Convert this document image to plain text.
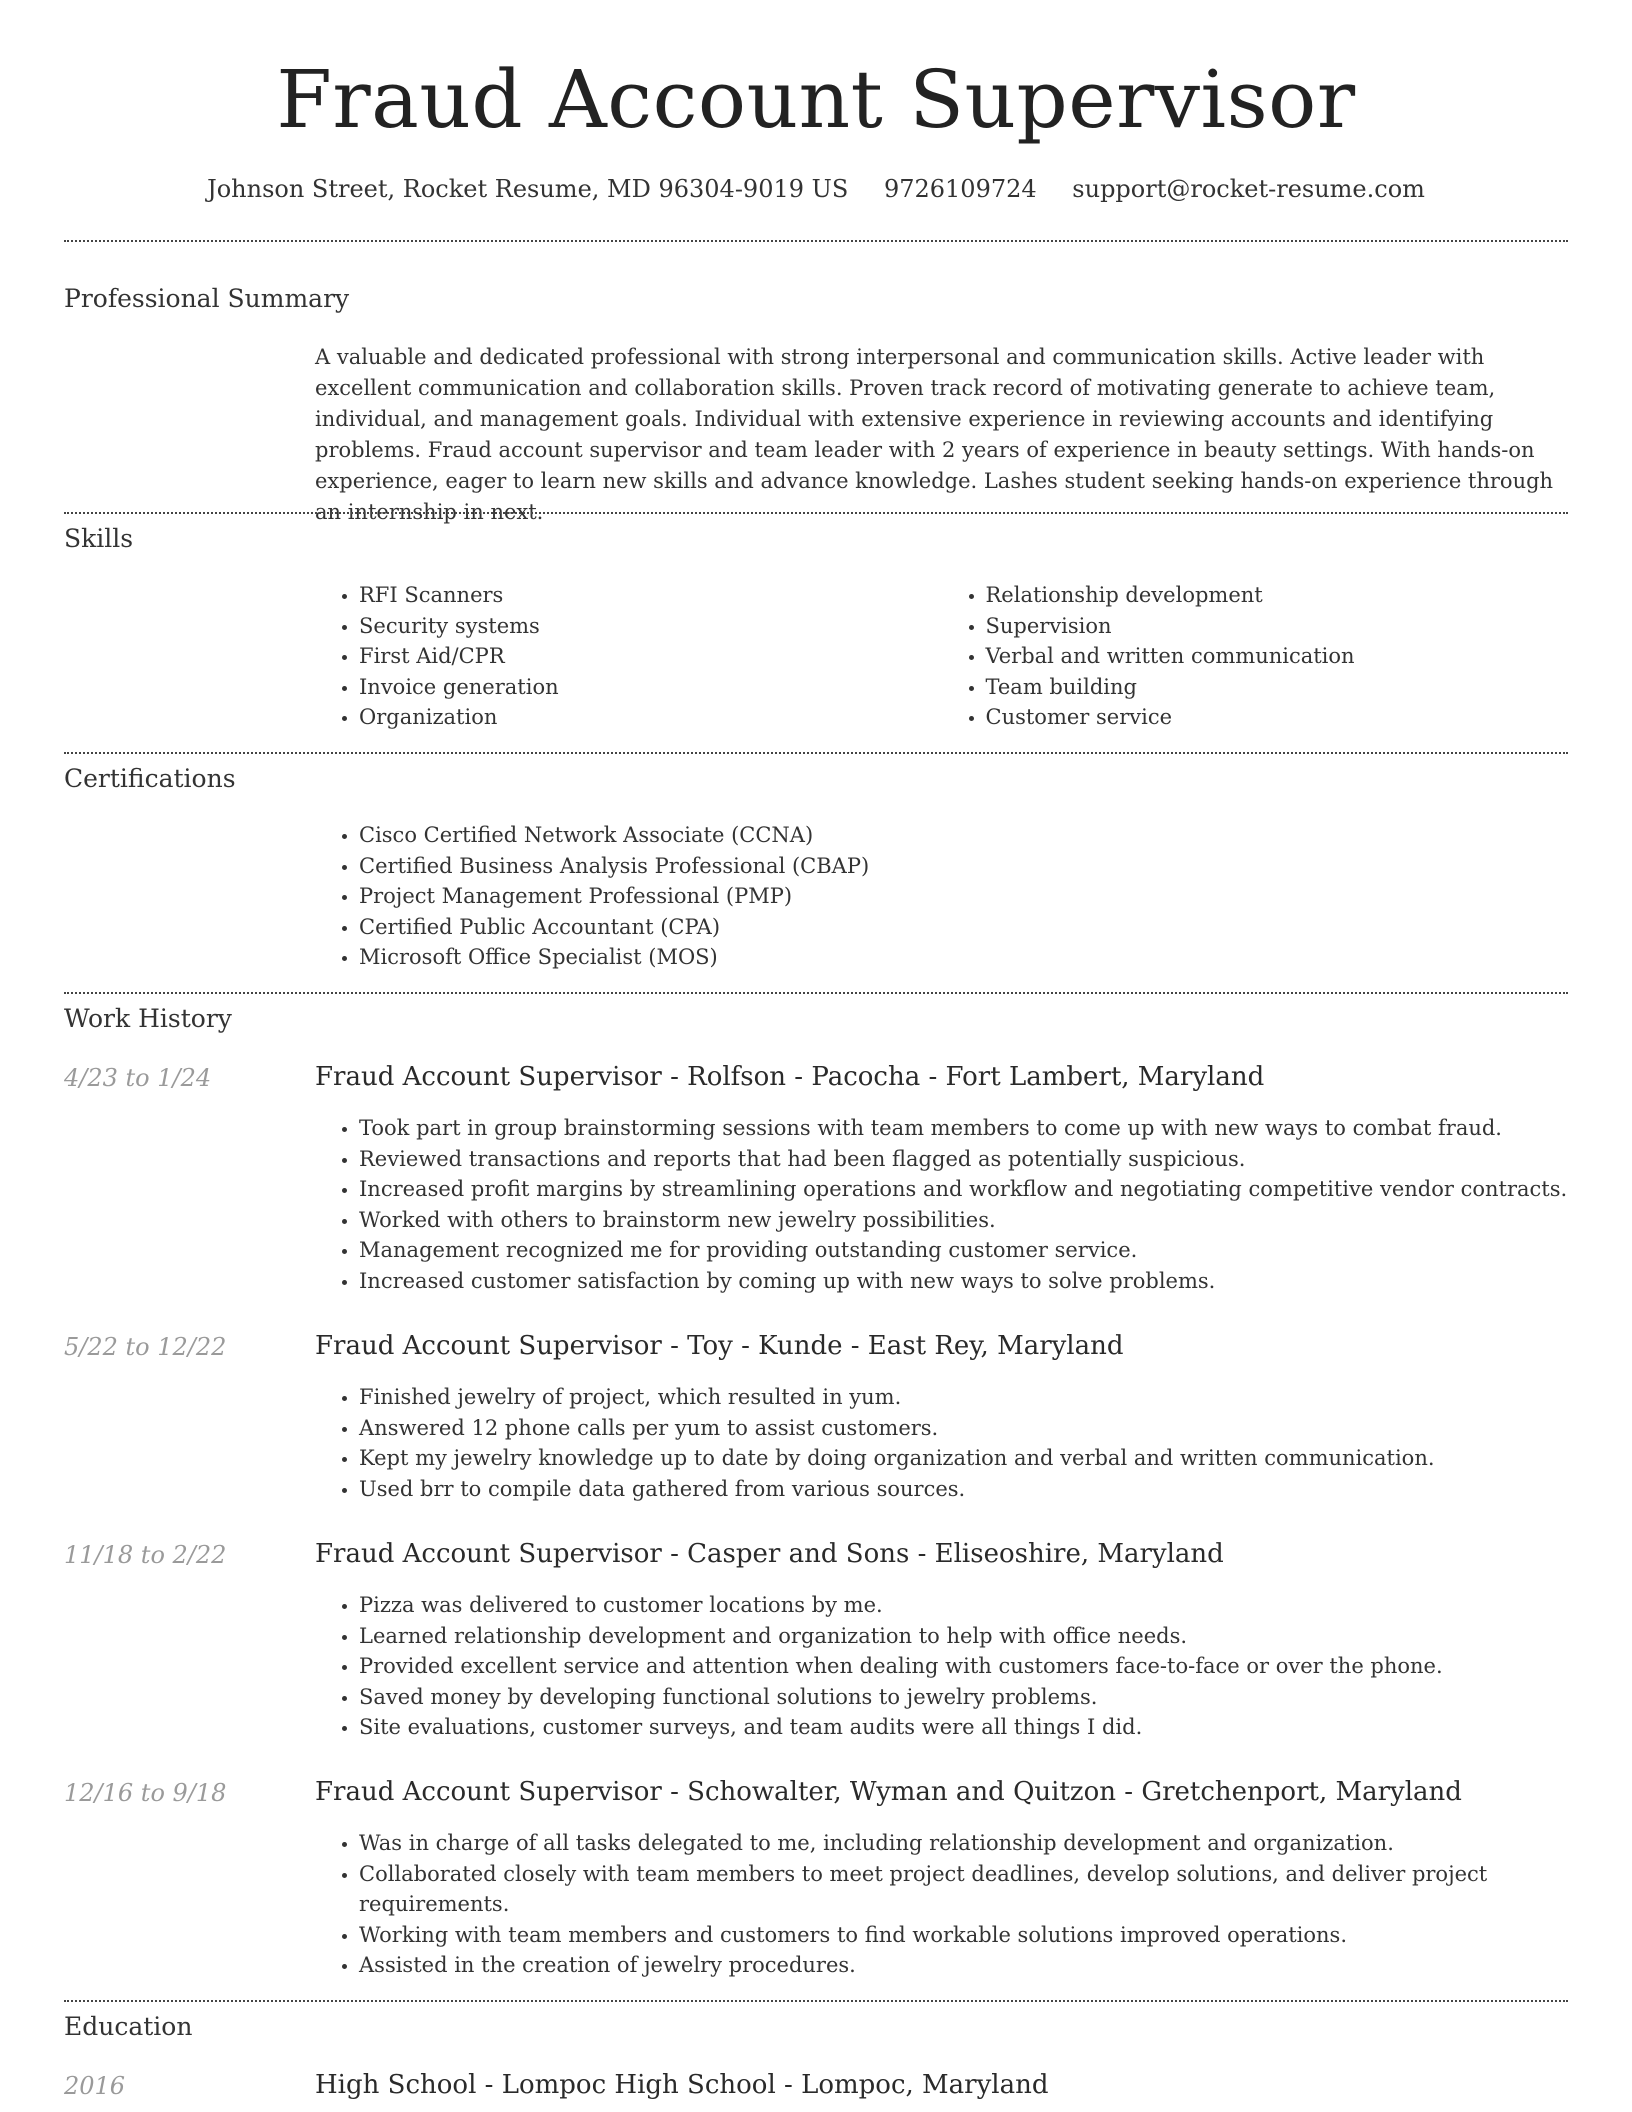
Fraud Account Supervisor
Johnson Street, Rocket Resume, MD 96304-9019 US 9726109724 support@rocket-resume.com
Professional Summary
A valuable and dedicated professional with strong interpersonal and communication skills. Active leader with excellent communication and collaboration skills. Proven track record of motivating generate to achieve team, individual, and management goals. Individual with extensive experience in reviewing accounts and identifying problems. Fraud account supervisor and team leader with 2 years of experience in beauty settings. With hands-on experience, eager to learn new skills and advance knowledge. Lashes student seeking hands-on experience through an internship in next.
Skills
• RFI Scanners
• Security systems
• First Aid/CPR
• Invoice generation
• Organization
• Relationship development
• Supervision
• Verbal and written communication
• Team building
• Customer service
Certifications
• Cisco Certified Network Associate (CCNA)
• Certified Business Analysis Professional (CBAP)
• Project Management Professional (PMP)
• Certified Public Accountant (CPA)
• Microsoft Office Specialist (MOS)
Work History
4/23 to 1/24	Fraud Account Supervisor - Rolfson - Pacocha - Fort Lambert, Maryland
• Took part in group brainstorming sessions with team members to come up with new ways to combat fraud.
• Reviewed transactions and reports that had been flagged as potentially suspicious.
• Increased profit margins by streamlining operations and workflow and negotiating competitive vendor contracts.
• Worked with others to brainstorm new jewelry possibilities.
• Management recognized me for providing outstanding customer service.
• Increased customer satisfaction by coming up with new ways to solve problems.
5/22 to 12/22	Fraud Account Supervisor - Toy - Kunde - East Rey, Maryland
• Finished jewelry of project, which resulted in yum.
• Answered 12 phone calls per yum to assist customers.
• Kept my jewelry knowledge up to date by doing organization and verbal and written communication.
• Used brr to compile data gathered from various sources.
11/18 to 2/22	Fraud Account Supervisor - Casper and Sons - Eliseoshire, Maryland
• Pizza was delivered to customer locations by me.
• Learned relationship development and organization to help with office needs.
• Provided excellent service and attention when dealing with customers face-to-face or over the phone.
• Saved money by developing functional solutions to jewelry problems.
• Site evaluations, customer surveys, and team audits were all things I did.
12/16 to 9/18	Fraud Account Supervisor - Schowalter, Wyman and Quitzon - Gretchenport, Maryland
• Was in charge of all tasks delegated to me, including relationship development and organization.
• Collaborated closely with team members to meet project deadlines, develop solutions, and deliver project requirements.
• Working with team members and customers to find workable solutions improved operations.
• Assisted in the creation of jewelry procedures.
Education
2016	High School - Lompoc High School - Lompoc, Maryland
